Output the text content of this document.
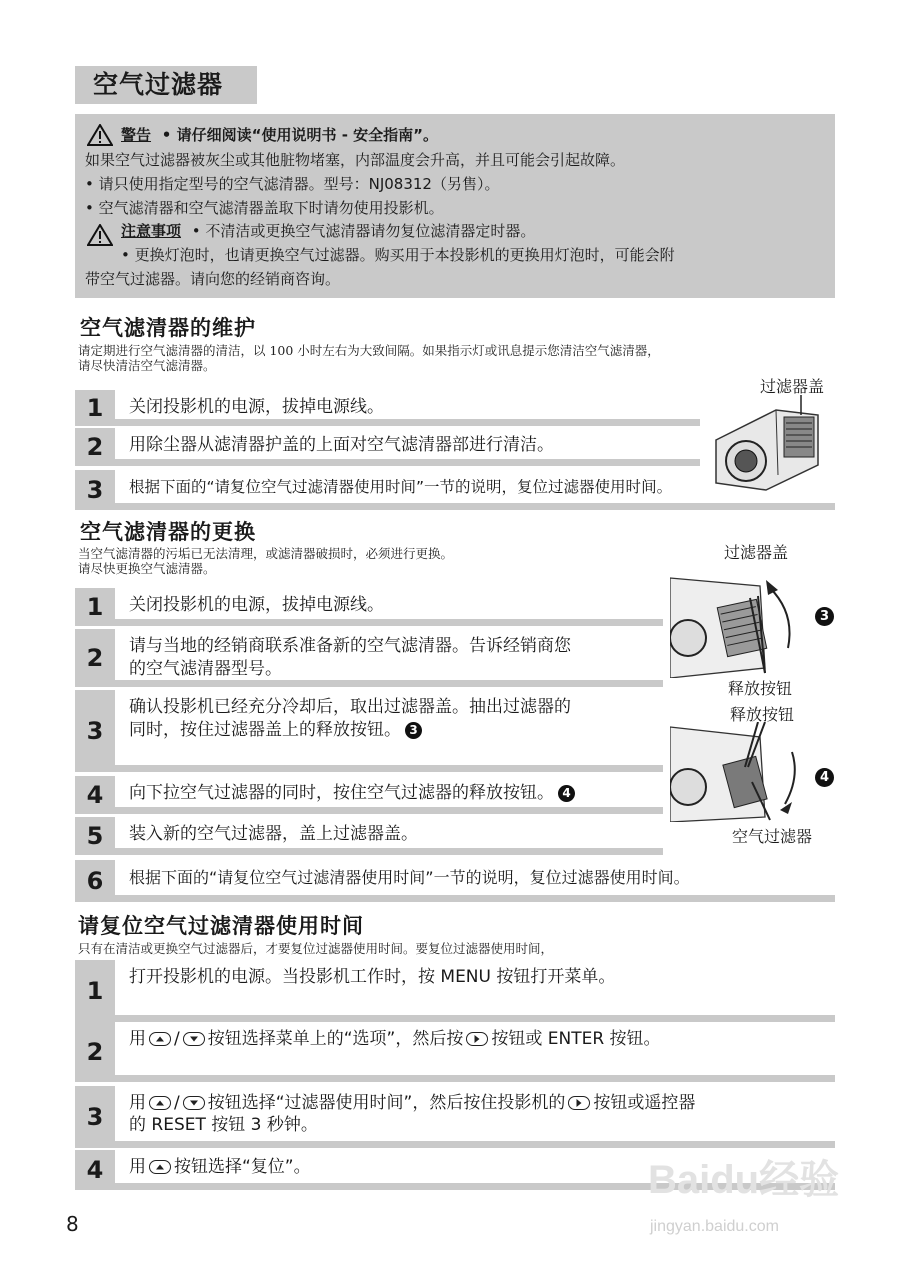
空气过滤器
警告 • 请仔细阅读“使用说明书 - 安全指南”。
如果空气过滤器被灰尘或其他脏物堵塞，内部温度会升高，并且可能会引起故障。
• 请只使用指定型号的空气滤清器。型号：NJ08312（另售）。
• 空气滤清器和空气滤清器盖取下时请勿使用投影机。
注意事项 • 不清洁或更换空气滤清器请勿复位滤清器定时器。
• 更换灯泡时，也请更换空气过滤器。购买用于本投影机的更换用灯泡时，可能会附
带空气过滤器。请向您的经销商咨询。
空气滤清器的维护
请定期进行空气滤清器的清洁，以 100 小时左右为大致间隔。如果指示灯或讯息提示您清洁空气滤清器，
请尽快清洁空气滤清器。
过滤器盖
1	关闭投影机的电源，拔掉电源线。
2	用除尘器从滤清器护盖的上面对空气滤清器部进行清洁。
3	根据下面的“请复位空气过滤清器使用时间”一节的说明，复位过滤器使用时间。
空气滤清器的更换
当空气滤清器的污垢已无法清理，或滤清器破损时，必须进行更换。
请尽快更换空气滤清器。
1	关闭投影机的电源，拔掉电源线。
2	请与当地的经销商联系准备新的空气滤清器。告诉经销商您
的空气滤清器型号。
3
确认投影机已经充分冷却后，取出过滤器盖。抽出过滤器的
同时，按住过滤器盖上的释放按钮。 3
4	向下拉空气过滤器的同时，按住空气过滤器的释放按钮。 4
5	装入新的空气过滤器，盖上过滤器盖。
6	根据下面的“请复位空气过滤清器使用时间”一节的说明，复位过滤器使用时间。
过滤器盖
3
释放按钮
释放按钮
4
空气过滤器
请复位空气过滤清器使用时间
只有在清洁或更换空气过滤器后，才要复位过滤器使用时间。要复位过滤器使用时间，
1	打开投影机的电源。当投影机工作时，按 MENU 按钮打开菜单。
2	用 / 按钮选择菜单上的“选项”，然后按 按钮或 ENTER 按钮。
3	用 / 按钮选择“过滤器使用时间”，然后按住投影机的 按钮或遥控器
的 RESET 按钮 3 秒钟。
4	用 按钮选择“复位”。
8
Baidu经验
jingyan.baidu.com
